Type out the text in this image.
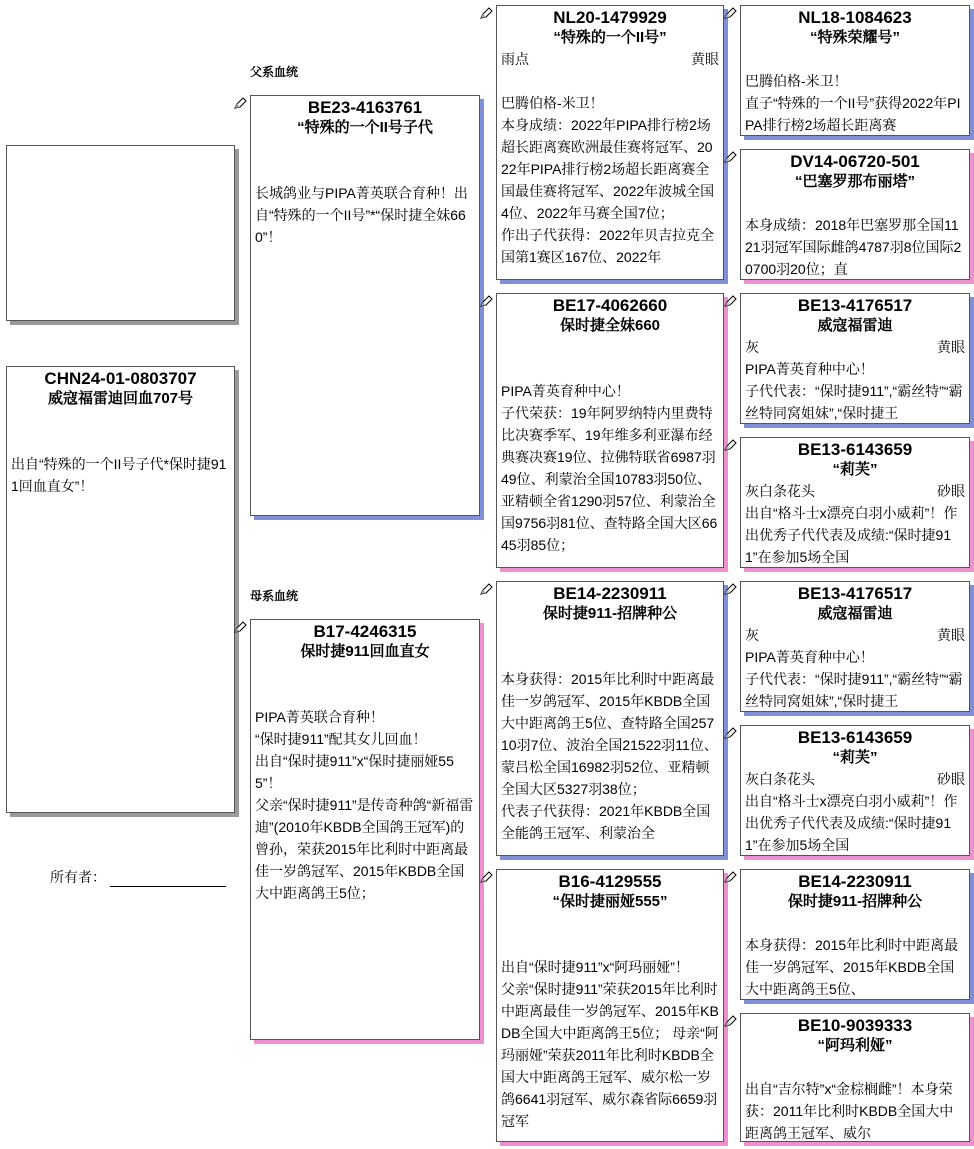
父系血统
母系血统
CHN24-01-0803707
威寇福雷迪回血707号
出自“特殊的一个II号子代*保时捷911回血直女”！
所有者：
BE23-4163761
“特殊的一个II号子代
长城鸽业与PIPA菁英联合育种！出自“特殊的一个II号”*“保时捷全妹660”！
B17-4246315
保时捷911回血直女
PIPA菁英联合育种！
“保时捷911”配其女儿回血！
出自“保时捷911”x“保时捷丽娅555”！
父亲“保时捷911”是传奇种鸽“新福雷迪”(2010年KBDB全国鸽王冠军)的曾孙，荣获2015年比利时中距离最佳一岁鸽冠军、2015年KBDB全国大中距离鸽王5位；
NL20-1479929
“特殊的一个II号”
雨点	黄眼
巴腾伯格-米卫！
本身成绩：2022年PIPA排行榜2场超长距离赛欧洲最佳赛将冠军、2022年PIPA排行榜2场超长距离赛全国最佳赛将冠军、2022年波城全国4位、2022年马赛全国7位；
作出子代获得：2022年贝吉拉克全国第1赛区167位、2022年
BE17-4062660
保时捷全妹660
PIPA菁英育种中心！
子代荣获：19年阿罗纳特内里费特比决赛季军、19年维多利亚瀑布经典赛决赛19位、拉佛特联省6987羽49位、利蒙治全国10783羽50位、亚精顿全省1290羽57位、利蒙治全国9756羽81位、查特路全国大区6645羽85位；
BE14-2230911
保时捷911-招牌种公
本身获得：2015年比利时中距离最佳一岁鸽冠军、2015年KBDB全国大中距离鸽王5位、查特路全国25710羽7位、波治全国21522羽11位、蒙吕松全国16982羽52位、亚精顿全国大区5327羽38位；
代表子代获得：2021年KBDB全国全能鸽王冠军、利蒙治全
B16-4129555
“保时捷丽娅555”
出自“保时捷911”x“阿玛丽娅”！
父亲“保时捷911”荣获2015年比利时中距离最佳一岁鸽冠军、2015年KBDB全国大中距离鸽王5位； 母亲“阿玛丽娅”荣获2011年比利时KBDB全国大中距离鸽王冠军、威尔松一岁鸽6641羽冠军、威尔森省际6659羽冠军
NL18-1084623
“特殊荣耀号”
巴腾伯格-米卫！
直子“特殊的一个II号”获得2022年PIPA排行榜2场超长距离赛
DV14-06720-501
“巴塞罗那布丽塔”
本身成绩：2018年巴塞罗那全国1121羽冠军国际雌鸽4787羽8位国际20700羽20位；直
BE13-4176517
威寇福雷迪
灰	黄眼
PIPA菁英育种中心！
子代代表：“保时捷911”,“霸丝特”“霸丝特同窝姐妹”,“保时捷王
BE13-6143659
“莉芙”
灰白条花头	砂眼
出自“格斗士x漂亮白羽小威莉”！作出优秀子代代表及成绩:“保时捷911”在参加5场全国
BE13-4176517
威寇福雷迪
灰	黄眼
PIPA菁英育种中心！
子代代表：“保时捷911”,“霸丝特”“霸丝特同窝姐妹”,“保时捷王
BE13-6143659
“莉芙”
灰白条花头	砂眼
出自“格斗士x漂亮白羽小威莉”！作出优秀子代代表及成绩:“保时捷911”在参加5场全国
BE14-2230911
保时捷911-招牌种公
本身获得：2015年比利时中距离最佳一岁鸽冠军、2015年KBDB全国大中距离鸽王5位、
BE10-9039333
“阿玛利娅”
出自“吉尔特”x“金棕榈雌”！本身荣获：2011年比利时KBDB全国大中距离鸽王冠军、威尔
